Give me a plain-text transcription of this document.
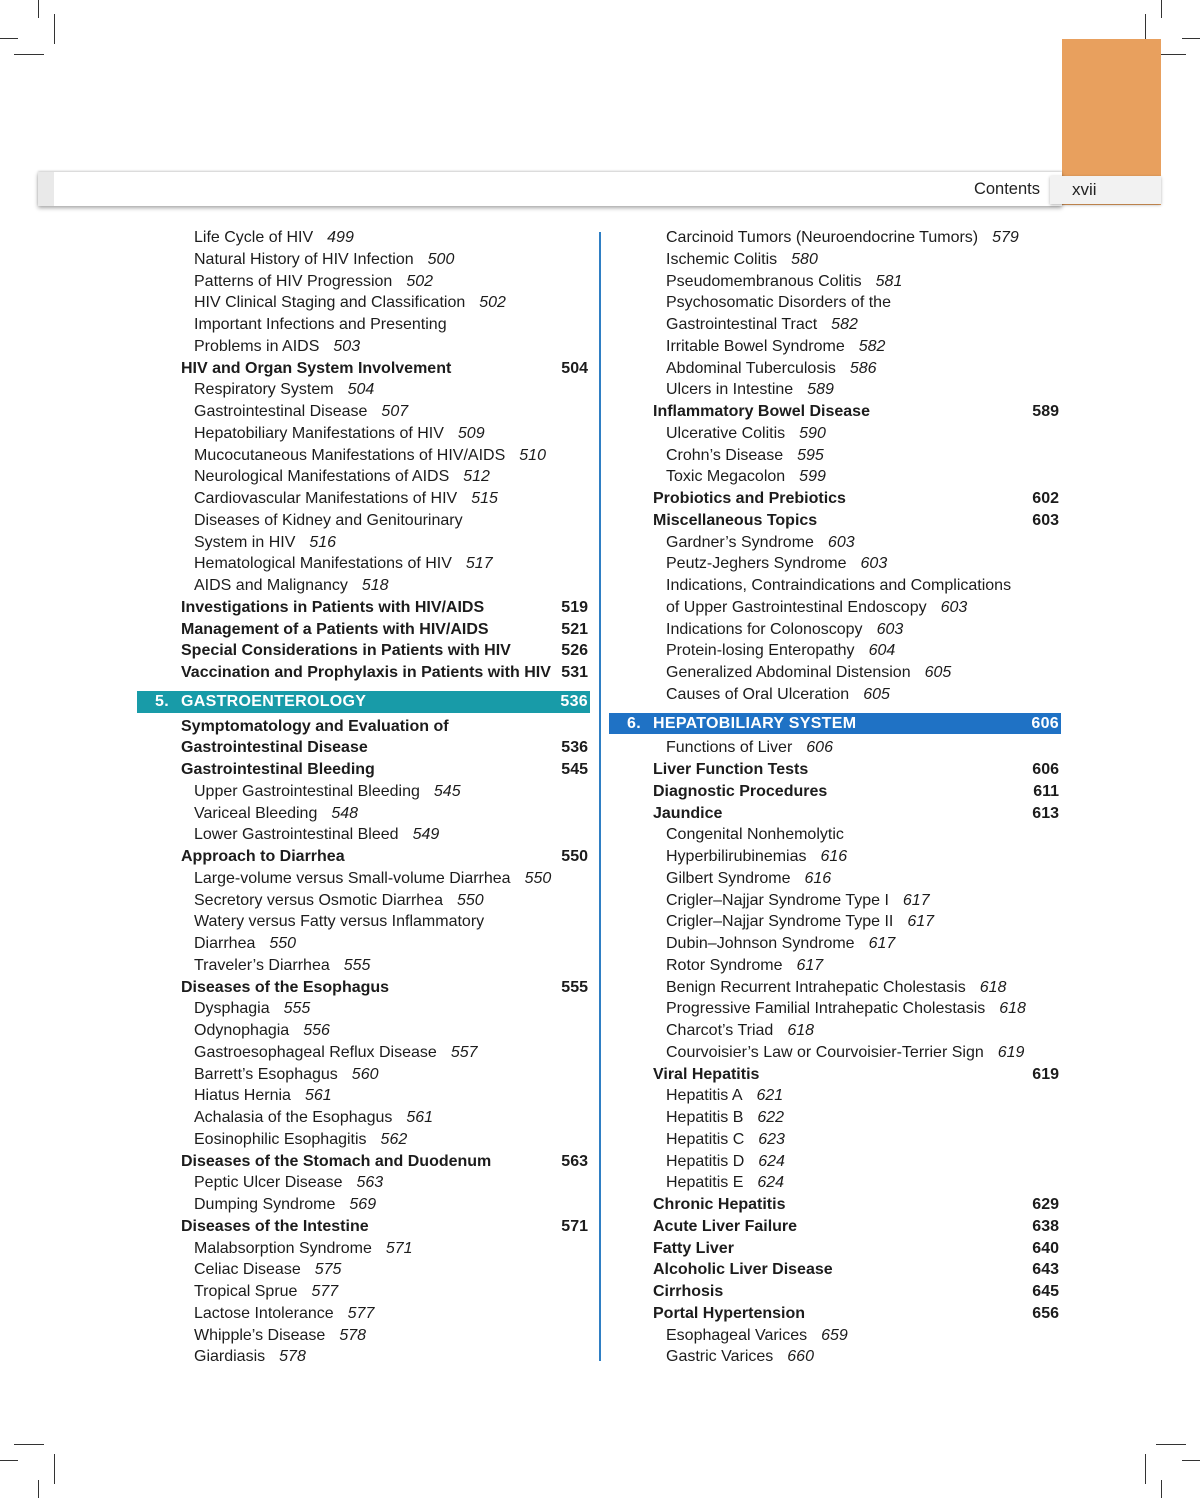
Contents	xvii
Life Cycle of HIV 499
Natural History of HIV Infection 500
Patterns of HIV Progression 502
HIV Clinical Staging and Classification 502
Important Infections and Presenting
Problems in AIDS 503
HIV and Organ System Involvement	504
Respiratory System 504
Gastrointestinal Disease 507
Hepatobiliary Manifestations of HIV 509
Mucocutaneous Manifestations of HIV/AIDS 510
Neurological Manifestations of AIDS 512
Cardiovascular Manifestations of HIV 515
Diseases of Kidney and Genitourinary
System in HIV 516
Hematological Manifestations of HIV 517
AIDS and Malignancy 518
Investigations in Patients with HIV/AIDS	519
Management of a Patients with HIV/AIDS	521
Special Considerations in Patients with HIV	526
Vaccination and Prophylaxis in Patients with HIV 531
5. GASTROENTEROLOGY	536
Symptomatology and Evaluation of
Gastrointestinal Disease	536
Gastrointestinal Bleeding	545
Upper Gastrointestinal Bleeding 545
Variceal Bleeding 548
Lower Gastrointestinal Bleed 549
Approach to Diarrhea	550
Large-volume versus Small-volume Diarrhea 550
Secretory versus Osmotic Diarrhea 550
Watery versus Fatty versus Inflammatory
Diarrhea 550
Traveler’s Diarrhea 555
Diseases of the Esophagus	555
Dysphagia 555
Odynophagia 556
Gastroesophageal Reflux Disease 557
Barrett’s Esophagus 560
Hiatus Hernia 561
Achalasia of the Esophagus 561
Eosinophilic Esophagitis 562
Diseases of the Stomach and Duodenum	563
Peptic Ulcer Disease 563
Dumping Syndrome 569
Diseases of the Intestine	571
Malabsorption Syndrome 571
Celiac Disease 575
Tropical Sprue 577
Lactose Intolerance 577
Whipple’s Disease 578
Giardiasis 578
Carcinoid Tumors (Neuroendocrine Tumors) 579
Ischemic Colitis 580
Pseudomembranous Colitis 581
Psychosomatic Disorders of the
Gastrointestinal Tract 582
Irritable Bowel Syndrome 582
Abdominal Tuberculosis 586
Ulcers in Intestine 589
Inflammatory Bowel Disease	589
Ulcerative Colitis 590
Crohn’s Disease 595
Toxic Megacolon 599
Probiotics and Prebiotics	602
Miscellaneous Topics	603
Gardner’s Syndrome 603
Peutz-Jeghers Syndrome 603
Indications, Contraindications and Complications
of Upper Gastrointestinal Endoscopy 603
Indications for Colonoscopy 603
Protein-losing Enteropathy 604
Generalized Abdominal Distension 605
Causes of Oral Ulceration 605
6. HEPATOBILIARY SYSTEM	606
Functions of Liver 606
Liver Function Tests	606
Diagnostic Procedures	611
Jaundice	613
Congenital Nonhemolytic
Hyperbilirubinemias 616
Gilbert Syndrome 616
Crigler–Najjar Syndrome Type I 617
Crigler–Najjar Syndrome Type II 617
Dubin–Johnson Syndrome 617
Rotor Syndrome 617
Benign Recurrent Intrahepatic Cholestasis 618
Progressive Familial Intrahepatic Cholestasis 618
Charcot’s Triad 618
Courvoisier’s Law or Courvoisier-Terrier Sign 619
Viral Hepatitis	619
Hepatitis A 621
Hepatitis B 622
Hepatitis C 623
Hepatitis D 624
Hepatitis E 624
Chronic Hepatitis	629
Acute Liver Failure	638
Fatty Liver	640
Alcoholic Liver Disease	643
Cirrhosis	645
Portal Hypertension	656
Esophageal Varices 659
Gastric Varices 660
